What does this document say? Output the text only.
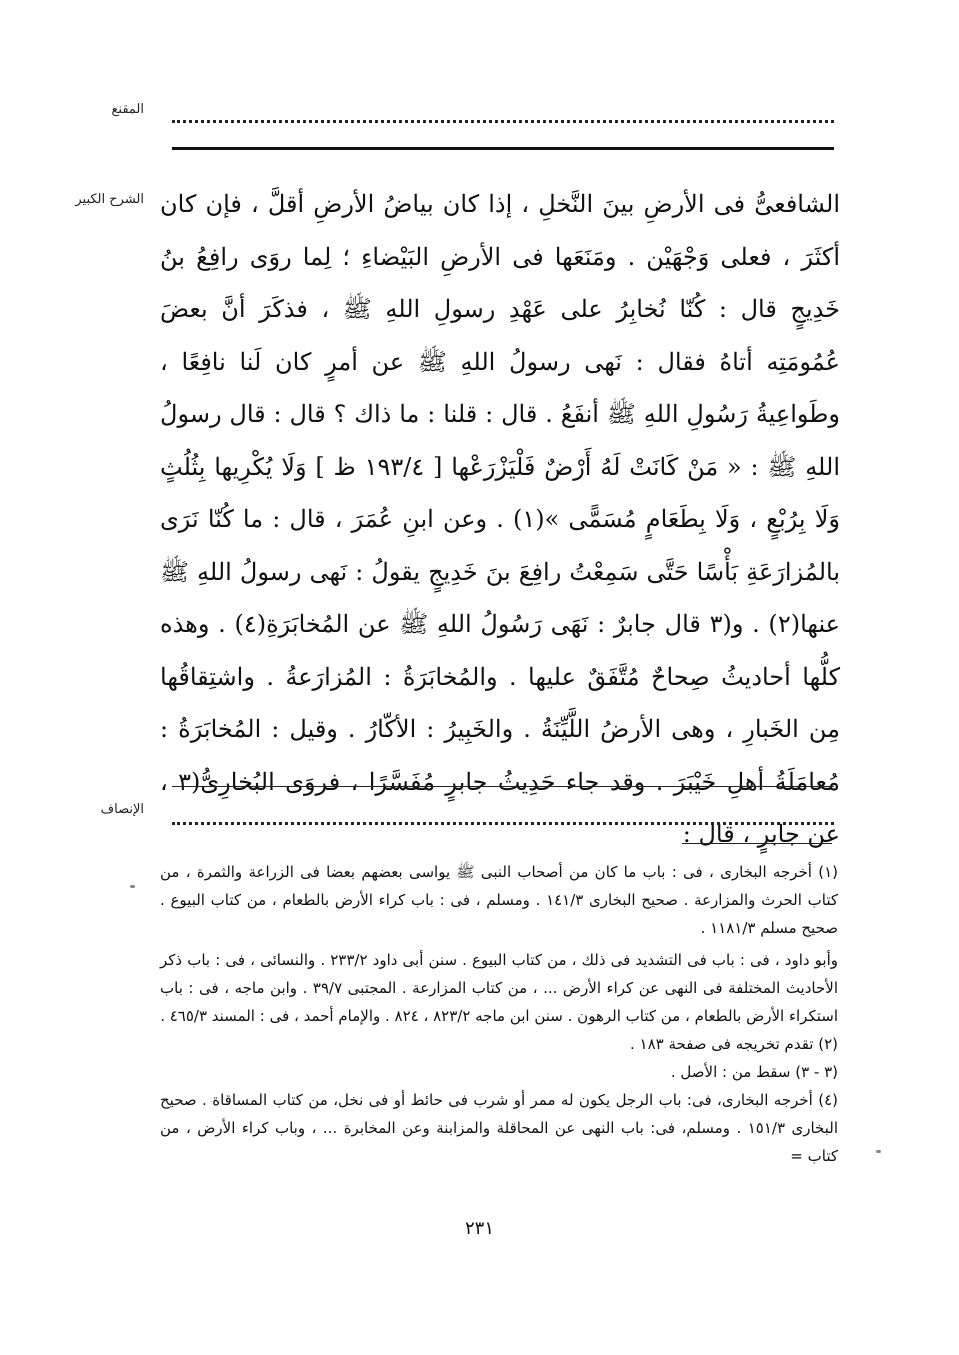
المقنع
الشرح الكبير الشافعىُّ فى الأرضِ بينَ النَّخلِ ، إذا كان بياضُ الأرضِ أقلَّ ، فإن كان أكثَرَ ، فعلى وَجْهَيْن . ومَنَعَها فى الأرضِ البَيْضاءِ ؛ لِما روَى رافِعُ بنُ خَدِيجٍ قال : كُنّا نُخابِرُ على عَهْدِ رسولِ اللهِ ﷺ ، فذكَرَ أنَّ بعضَ عُمُومَتِه أتاهُ فقال : نَهى رسولُ اللهِ ﷺ عن أمرٍ كان لَنا نافِعًا ، وطَواعِيةُ رَسُولِ اللهِ ﷺ أنفَعُ . قال : قلنا : ما ذاك ؟ قال : قال رسولُ اللهِ ﷺ : « مَنْ كَانَتْ لَهُ أَرْضٌ فَلْيَزْرَعْها [ ١٩٣/٤ ظ ] وَلَا يُكْرِيها بِثُلُثٍ وَلَا بِرُبْعٍ ، وَلَا بِطَعَامٍ مُسَمًّى »(١) . وعن ابنِ عُمَرَ ، قال : ما كُنّا نَرَى بالمُزارَعَةِ بَأْسًا حَتَّى سَمِعْتُ رافِعَ بنَ خَدِيجٍ يقولُ : نَهى رسولُ اللهِ ﷺ عنها(٢) . و(٣ قال جابرٌ : نَهَى رَسُولُ اللهِ ﷺ عن المُخابَرَةِ(٤) . وهذه كلُّها أحاديثُ صِحاحٌ مُتَّفَقٌ عليها . والمُخابَرَةُ : المُزارَعةُ . واشتِقاقُها مِن الخَبارِ ، وهى الأرضُ اللَّيِّنَةُ . والخَبِيرُ : الأكّارُ . وقيل : المُخابَرَةُ : مُعامَلَةُ أهلِ خَيْبَرَ . وقد جاء حَدِيثُ جابرٍ مُفَسَّرًا ، فروَى البُخارِىُّ(٣ ، عن جابرٍ ، قال :

الإنصاف

(١) أخرجه البخارى ، فى : باب ما كان من أصحاب النبى ﷺ يواسى بعضهم بعضا فى الزراعة والثمرة ، من كتاب الحرث والمزارعة . صحيح البخارى ١٤١/٣ . ومسلم ، فى : باب كراء الأرض بالطعام ، من كتاب البيوع . صحيح مسلم ١١٨١/٣ .

وأبو داود ، فى : باب فى التشديد فى ذلك ، من كتاب البيوع . سنن أبى داود ٢٣٣/٢ . والنسائى ، فى : باب ذكر الأحاديث المختلفة فى النهى عن كراء الأرض ... ، من كتاب المزارعة . المجتبى ٣٩/٧ . وابن ماجه ، فى : باب استكراء الأرض بالطعام ، من كتاب الرهون . سنن ابن ماجه ٨٢٣/٢ ، ٨٢٤ . والإمام أحمد ، فى : المسند ٤٦٥/٣ .

(٢) تقدم تخريجه فى صفحة ١٨٣ .

(٣ - ٣) سقط من : الأصل .

(٤) أخرجه البخارى، فى: باب الرجل يكون له ممر أو شرب فى حائط أو فى نخل، من كتاب المساقاة . صحيح البخارى ١٥١/٣ . ومسلم، فى: باب النهى عن المحاقلة والمزابنة وعن المخابرة ... ، وباب كراء الأرض ، من كتاب =

٢٣١
